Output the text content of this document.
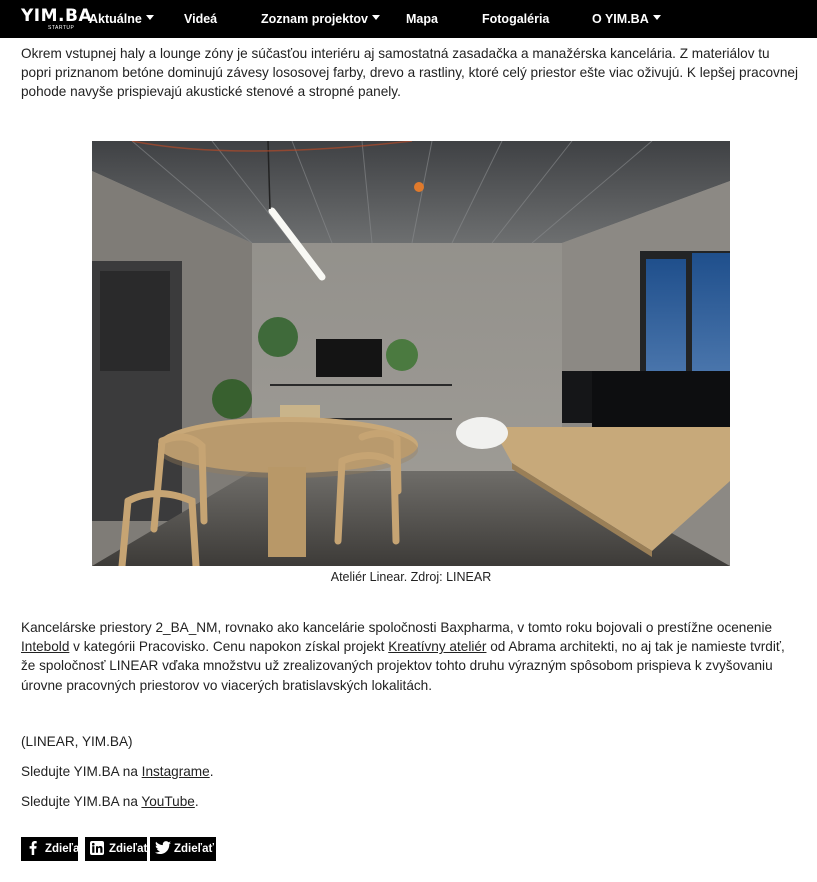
YIM.BA
STARTUP
Aktuálne	Videá	Zoznam projektov	Mapa	Fotogaléria	O YIM.BA

Okrem vstupnej haly a lounge zóny je súčasťou interiéru aj samostatná zasadačka a manažérska kancelária. Z materiálov tu popri priznanom betóne dominujú závesy lososovej farby, drevo a rastliny, ktoré celý priestor ešte viac oživujú. K lepšej pracovnej pohode navyše prispievajú akustické stenové a stropné panely.

Ateliér Linear. Zdroj: LINEAR

Kancelárske priestory 2_BA_NM, rovnako ako kancelárie spoločnosti Baxpharma, v tomto roku bojovali o prestížne ocenenie Intebold v kategórii Pracovisko. Cenu napokon získal projekt Kreatívny ateliér od Abrama architekti, no aj tak je namieste tvrdiť, že spoločnosť LINEAR vďaka množstvu už zrealizovaných projektov tohto druhu výrazným spôsobom prispieva k zvyšovaniu úrovne pracovných priestorov vo viacerých bratislavských lokalitách.

(LINEAR, YIM.BA)
Sledujte YIM.BA na Instagrame.
Sledujte YIM.BA na YouTube.
Zdieľať	Zdieľať	Zdieľať
